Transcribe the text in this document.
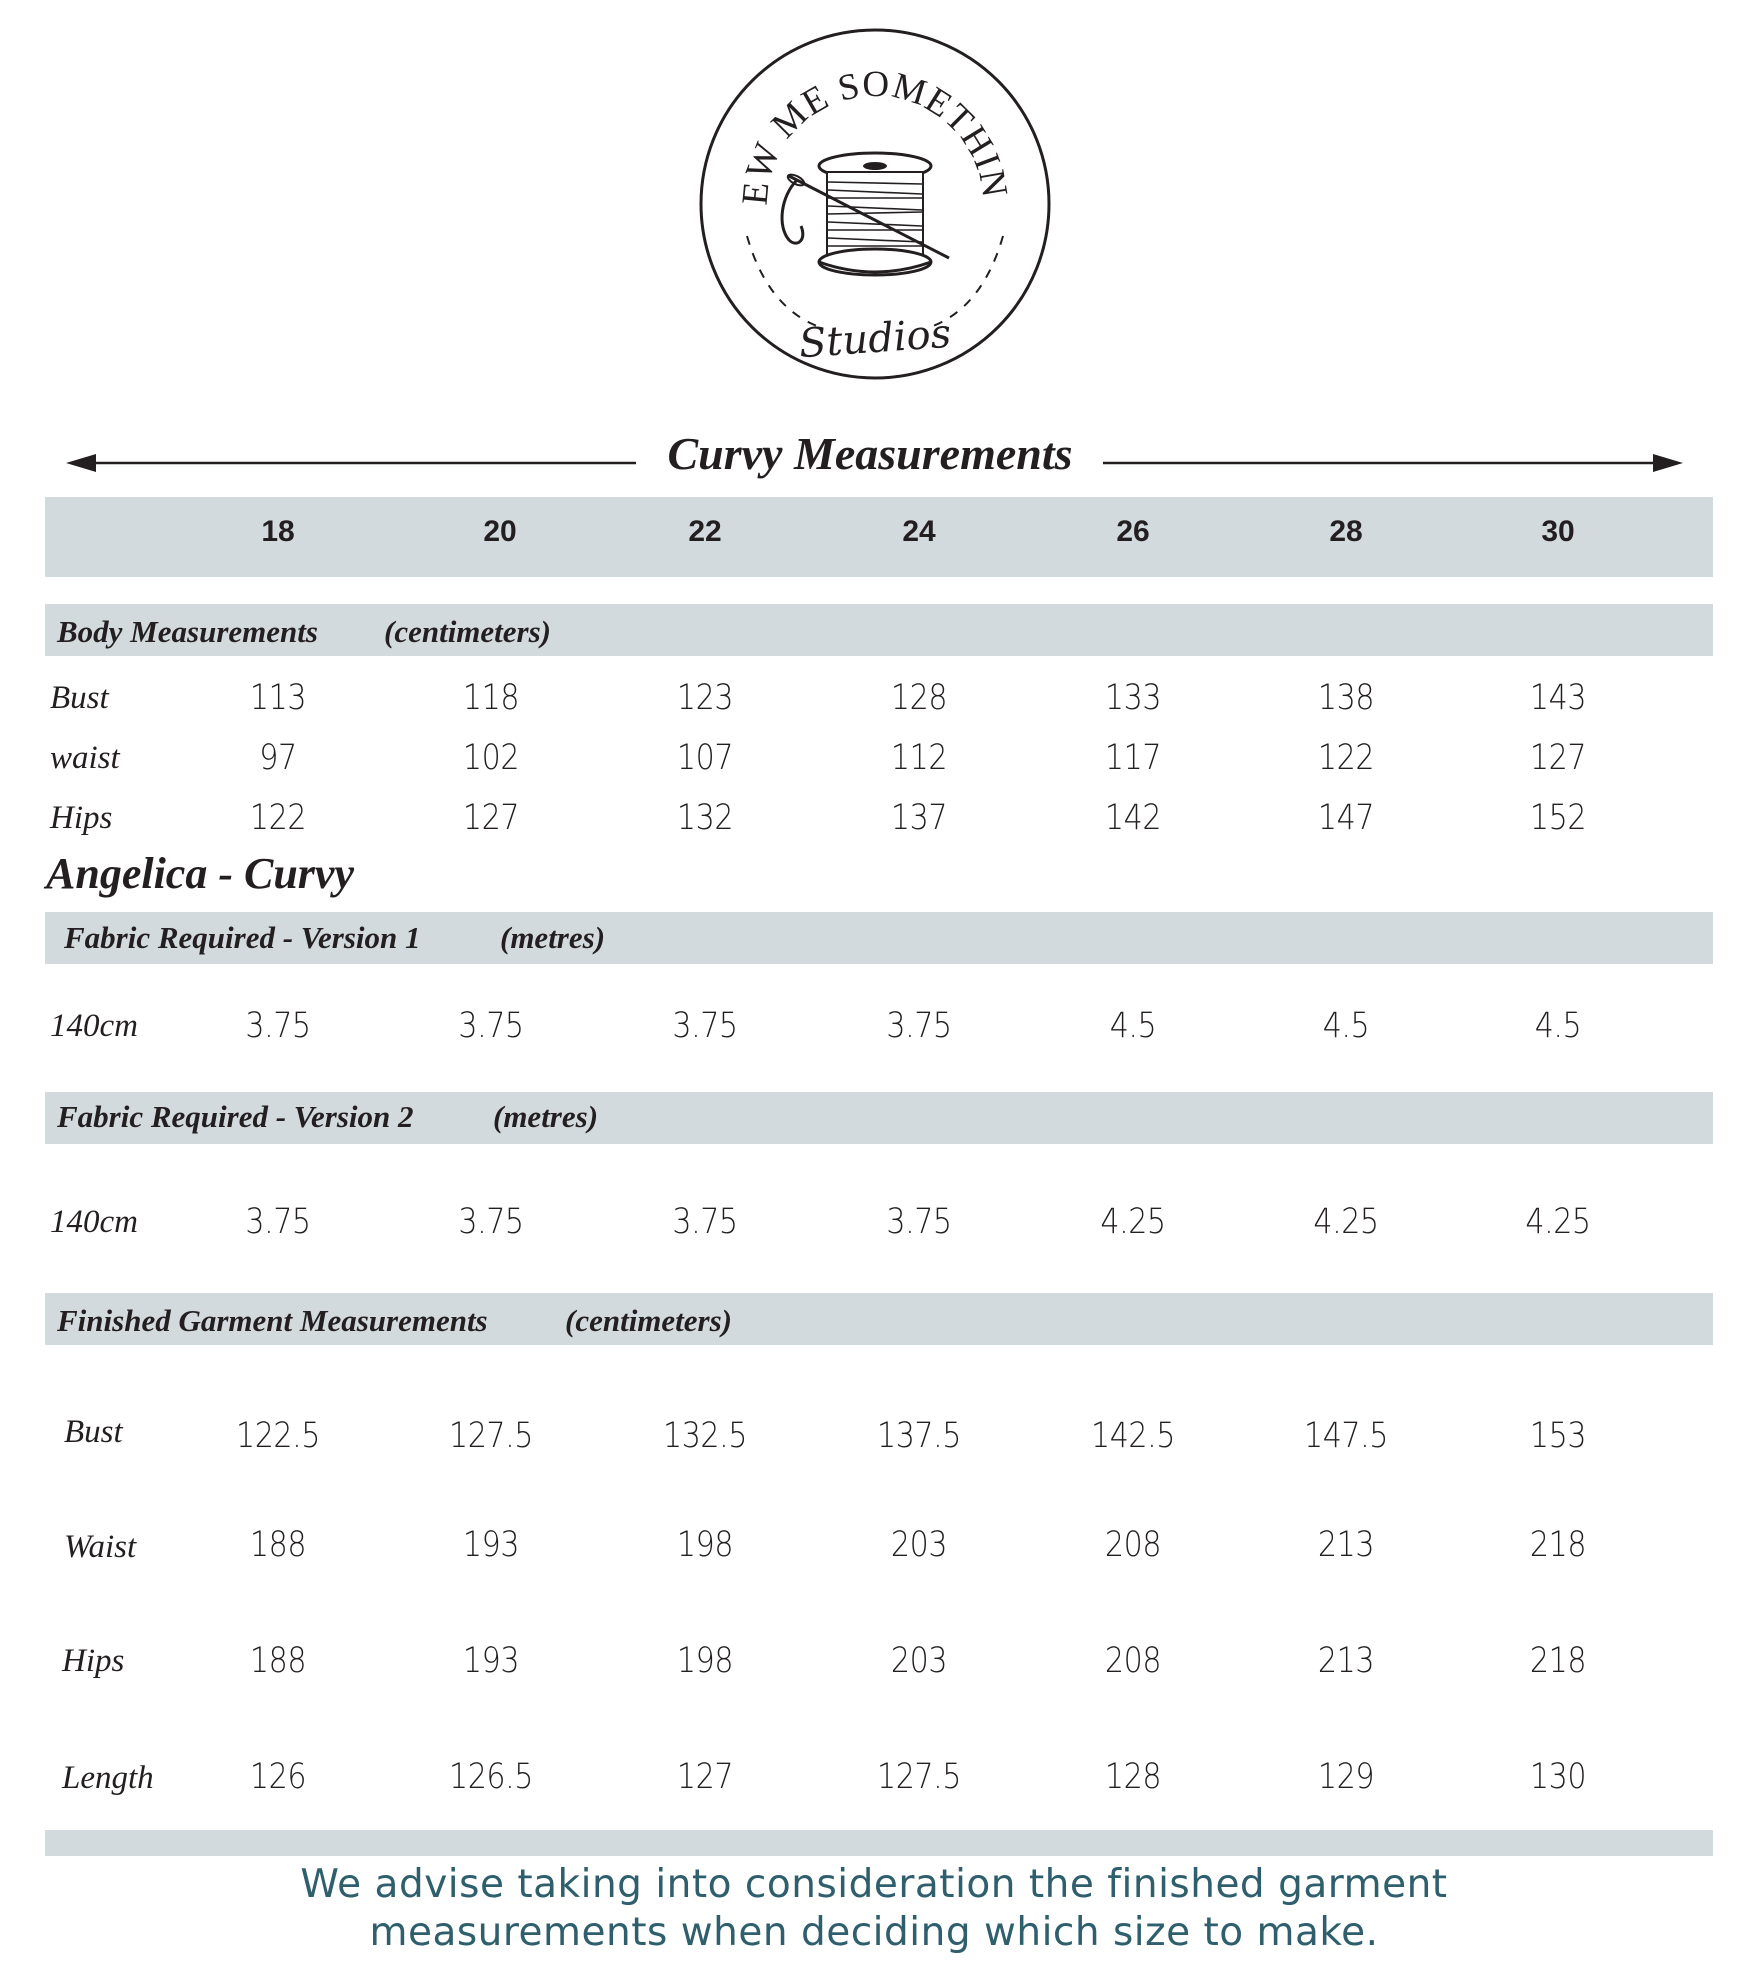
EW ME SOMETHIN
Studios
Curvy Measurements
18	20	22	24	26	28	30
Body Measurements (centimeters)
Bust	113	118	123	128	133	138	143
waist	97	102	107	112	117	122	127
Hips	122	127	132	137	142	147	152
Angelica - Curvy
Fabric Required - Version 1	(metres)
140cm	3.75	3.75	3.75	3.75	4.5	4.5	4.5
Fabric Required - Version 2	(metres)
140cm	3.75	3.75	3.75	3.75	4.25	4.25	4.25
Finished Garment Measurements (centimeters)
Bust	122.5	127.5	132.5	137.5	142.5	147.5	153
Waist	188	193	198	203	208	213	218
Hips	188	193	198	203	208	213	218
Length	126	126.5	127	127.5	128	129	130
We advise taking into consideration the finished garment
measurements when deciding which size to make.
